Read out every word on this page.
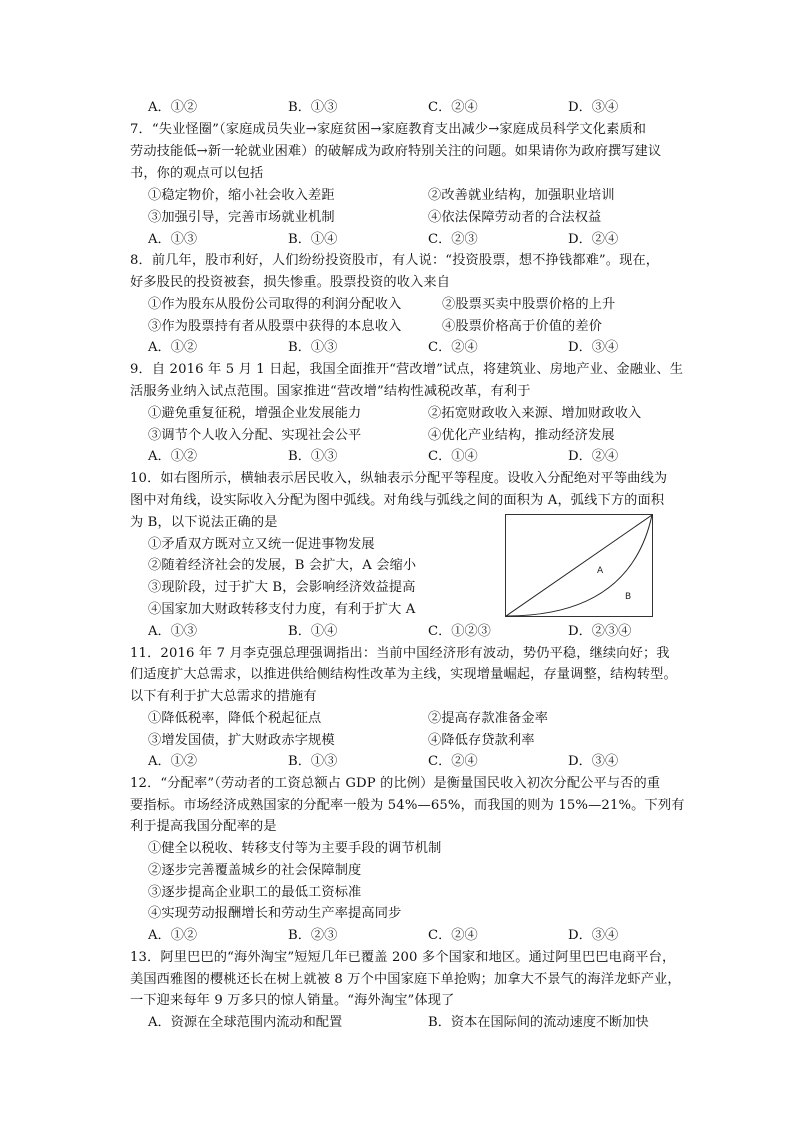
A．①②	B．①③	C．②④	D．③④
7．“失业怪圈”（家庭成员失业→家庭贫困→家庭教育支出减少→家庭成员科学文化素质和
劳动技能低→新一轮就业困难）的破解成为政府特别关注的问题。如果请你为政府撰写建议
书，你的观点可以包括
①稳定物价，缩小社会收入差距	②改善就业结构，加强职业培训
③加强引导，完善市场就业机制	④依法保障劳动者的合法权益
A．①③	B．①④	C．②③	D．②④
8．前几年，股市利好，人们纷纷投资股市，有人说：“投资股票，想不挣钱都难”。现在，
好多股民的投资被套，损失惨重。股票投资的收入来自
①作为股东从股份公司取得的利润分配收入	②股票买卖中股票价格的上升
③作为股票持有者从股票中获得的本息收入	④股票价格高于价值的差价
A．①②	B．①③	C．②④	D．③④
9．自 2016 年 5 月 1 日起，我国全面推开“营改增”试点，将建筑业、房地产业、金融业、生
活服务业纳入试点范围。国家推进“营改增”结构性减税改革，有利于
①避免重复征税，增强企业发展能力	②拓宽财政收入来源、增加财政收入
③调节个人收入分配、实现社会公平	④优化产业结构，推动经济发展
A．①②	B．①③	C．①④	D．②④
10．如右图所示，横轴表示居民收入，纵轴表示分配平等程度。设收入分配绝对平等曲线为
图中对角线，设实际收入分配为图中弧线。对角线与弧线之间的面积为 A，弧线下方的面积
为 B，以下说法正确的是
①矛盾双方既对立又统一促进事物发展
②随着经济社会的发展，B 会扩大，A 会缩小
③现阶段，过于扩大 B，会影响经济效益提高
④国家加大财政转移支付力度，有利于扩大 A
A．①③	B．①④	C．①②③	D．②③④
A
B
11．2016 年 7 月李克强总理强调指出：当前中国经济形有波动，势仍平稳，继续向好；我
们适度扩大总需求，以推进供给侧结构性改革为主线，实现增量崛起，存量调整，结构转型。
以下有利于扩大总需求的措施有
①降低税率，降低个税起征点	②提高存款准备金率
③增发国债，扩大财政赤字规模	④降低存贷款利率
A．①②	B．①③	C．②④	D．③④
12．“分配率”（劳动者的工资总额占 GDP 的比例）是衡量国民收入初次分配公平与否的重
要指标。市场经济成熟国家的分配率一般为 54%—65%，而我国的则为 15%—21%。下列有
利于提高我国分配率的是
①健全以税收、转移支付等为主要手段的调节机制
②逐步完善覆盖城乡的社会保障制度
③逐步提高企业职工的最低工资标准
④实现劳动报酬增长和劳动生产率提高同步
A．①②	B．②③	C．②④	D．③④
13．阿里巴巴的“海外淘宝”短短几年已覆盖 200 多个国家和地区。通过阿里巴巴电商平台，
美国西雅图的樱桃还长在树上就被 8 万个中国家庭下单抢购；加拿大不景气的海洋龙虾产业，
一下迎来每年 9 万多只的惊人销量。“海外淘宝”体现了
A．资源在全球范围内流动和配置	B．资本在国际间的流动速度不断加快
